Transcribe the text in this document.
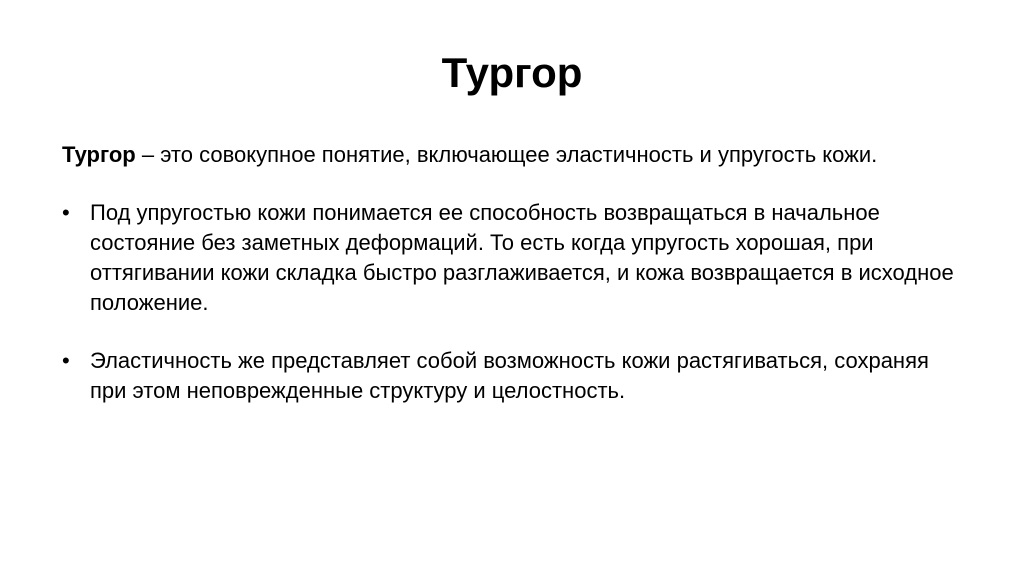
Тургор

Тургор – это совокупное понятие, включающее эластичность и упругость кожи.

• Под упругостью кожи понимается ее способность возвращаться в начальное состояние без заметных деформаций. То есть когда упругость хорошая, при оттягивании кожи складка быстро разглаживается, и кожа возвращается в исходное положение.
• Эластичность же представляет собой возможность кожи растягиваться, сохраняя при этом неповрежденные структуру и целостность.
